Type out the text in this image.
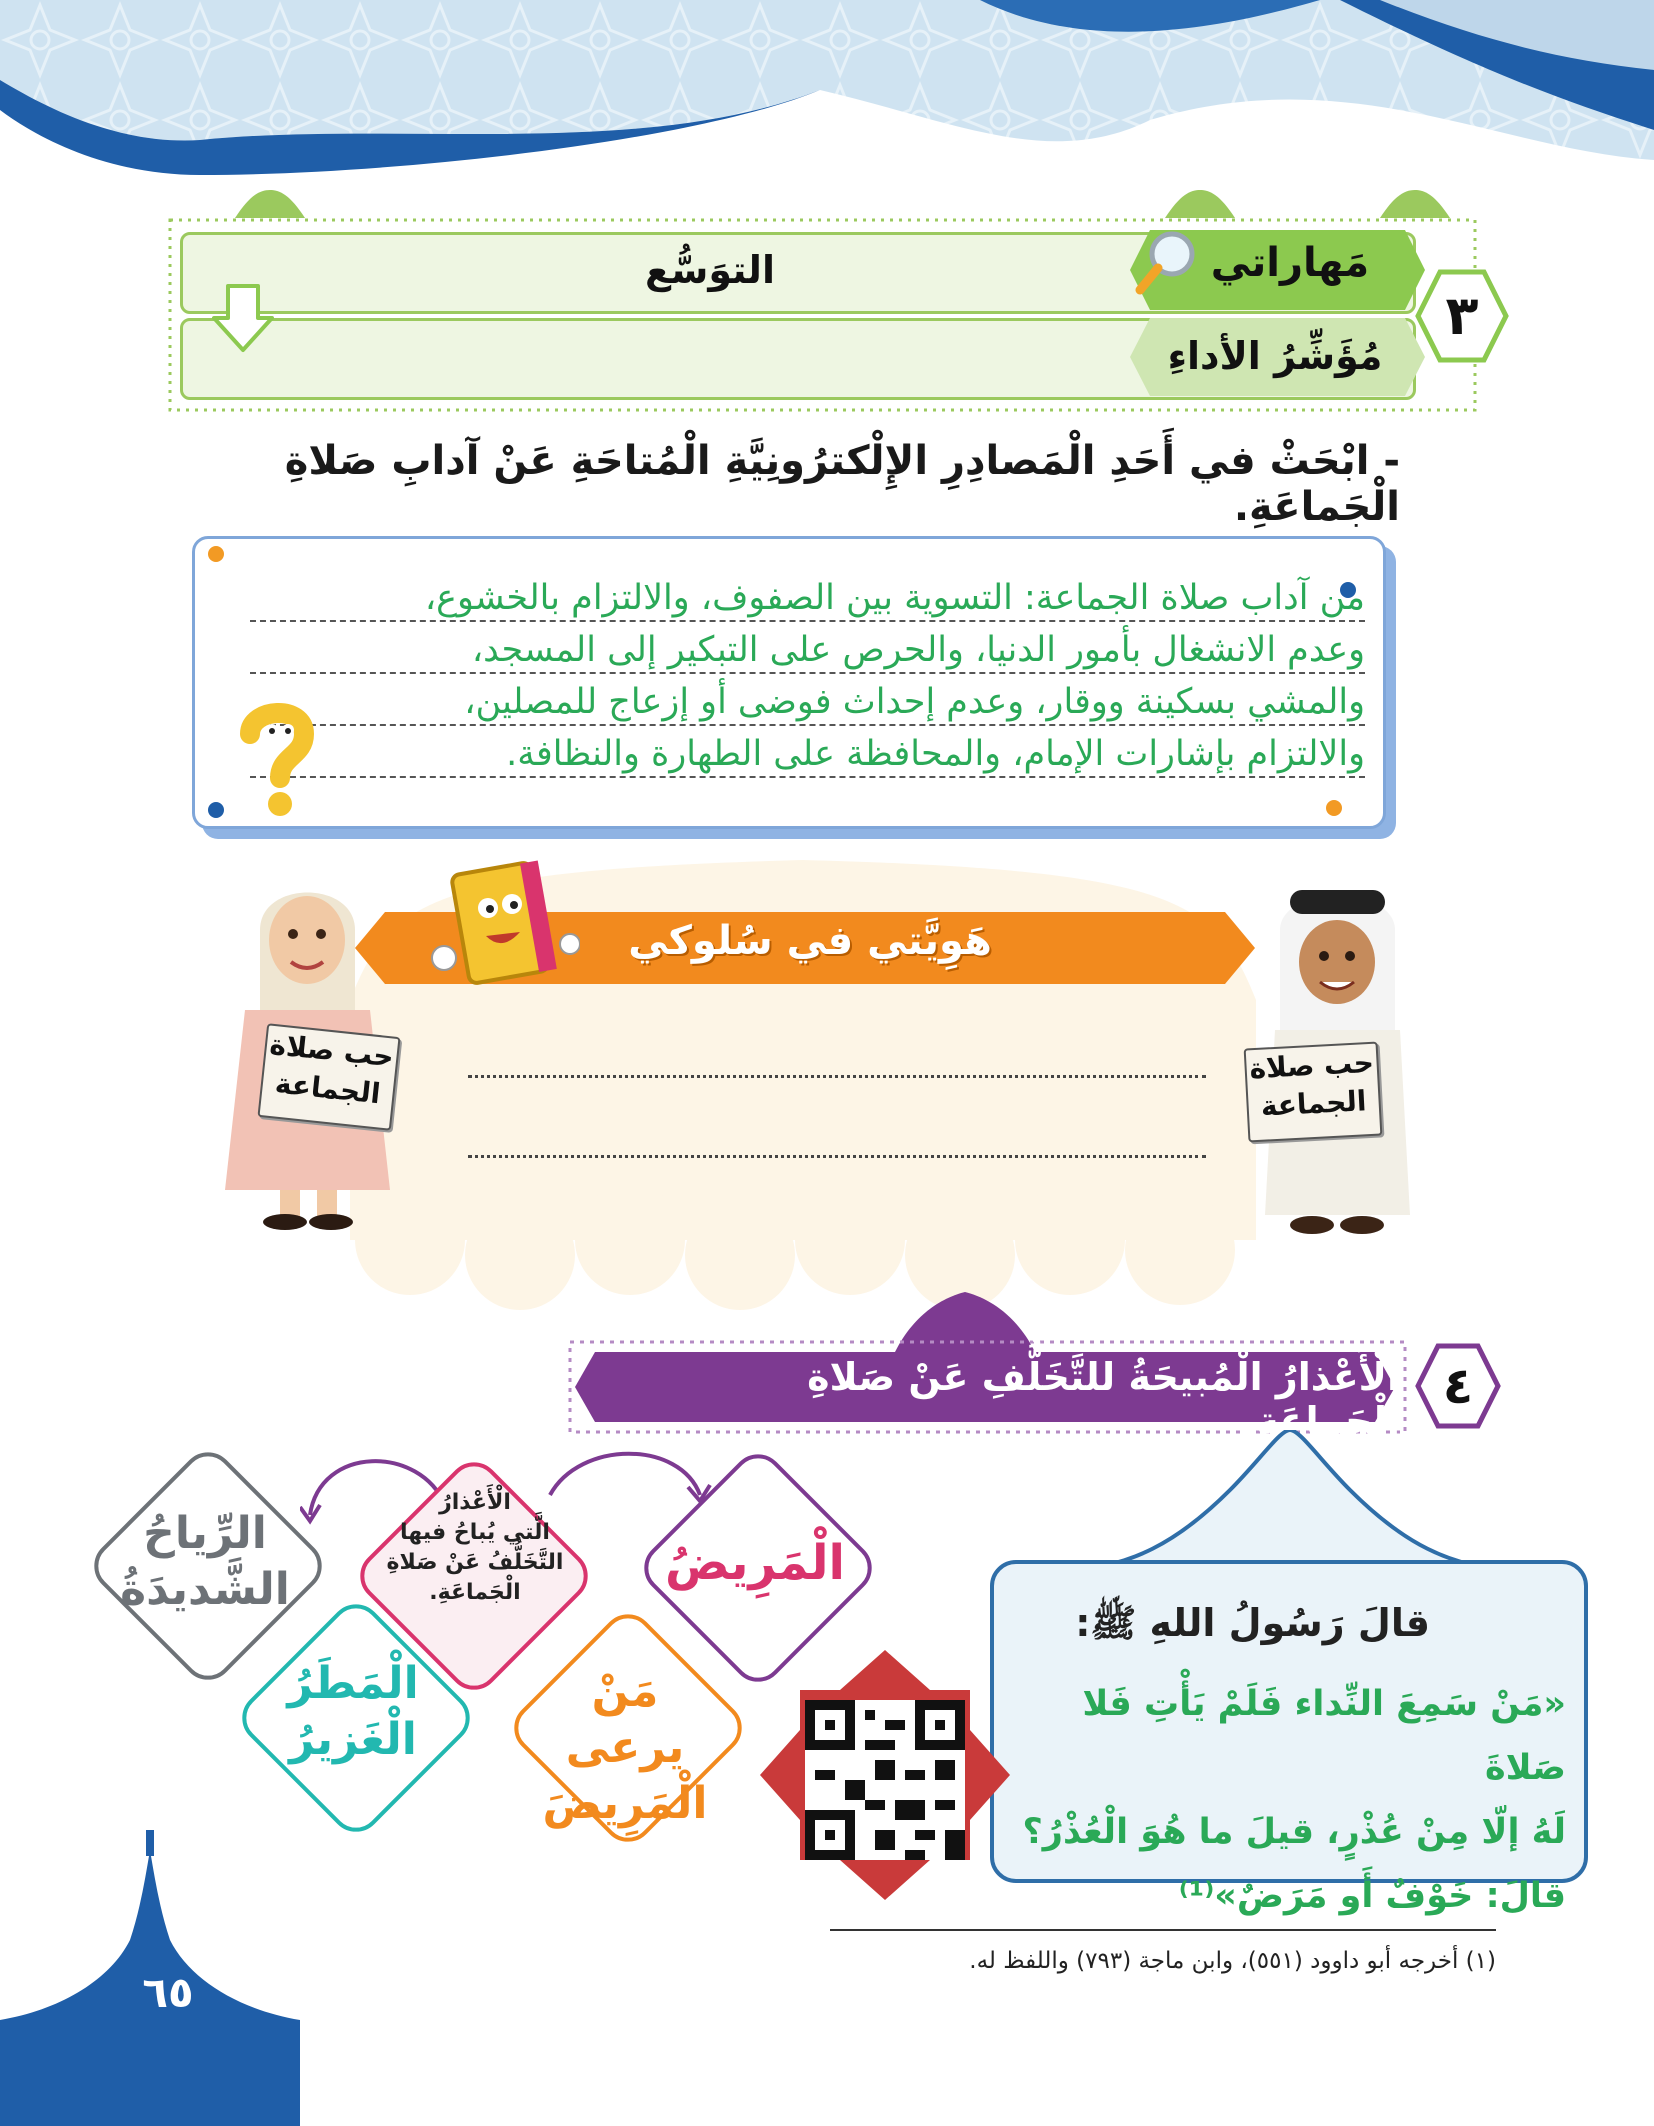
مَهاراتي
التوَسُّع
مُؤَشِّرُ الأداءِ
٣
- ابْحَثْ في أَحَدِ الْمَصادِرِ الإِلْكترُونِيَّةِ الْمُتاحَةِ عَنْ آدابِ صَلاةِ الْجَماعَةِ.
من آداب صلاة الجماعة: التسوية بين الصفوف، والالتزام بالخشوع،
وعدم الانشغال بأمور الدنيا، والحرص على التبكير إلى المسجد،
والمشي بسكينة ووقار، وعدم إحداث فوضى أو إزعاج للمصلين،
والالتزام بإشارات الإمام، والمحافظة على الطهارة والنظافة.
هَوِيَّتي في سُلوكي
حب صلاة
الجماعة
حب صلاة
الجماعة
الْأَعْذارُ الْمُبيحَةُ للتَّخَلُّفِ عَنْ صَلاةِ الْجَماعَةِ.
٤
قالَ رَسُولُ اللهِ ﷺ:
«مَنْ سَمِعَ النِّداء فَلَمْ يَأْتِ فَلا صَلاةَ
لَهُ إلّا مِنْ عُذْرٍ، قيلَ ما هُوَ الْعُذْرُ؟
قالَ: خَوْفٌ أَو مَرَضٌ»⁽¹⁾
الْأَعْذارُ
الَّتي يُباحُ فيها
التَّخَلُّفُ عَنْ صَلاةِ
الْجَماعَةِ.
الْمَرِيضُ
مَنْ يرعى
الْمَرِيضَ
الْمَطَرُ
الْغَزيرُ
الرِّياحُ
الشَّديدَةُ
(١) أخرجه أبو داوود (٥٥١)، وابن ماجة (٧٩٣) واللفظ له.
٦٥
